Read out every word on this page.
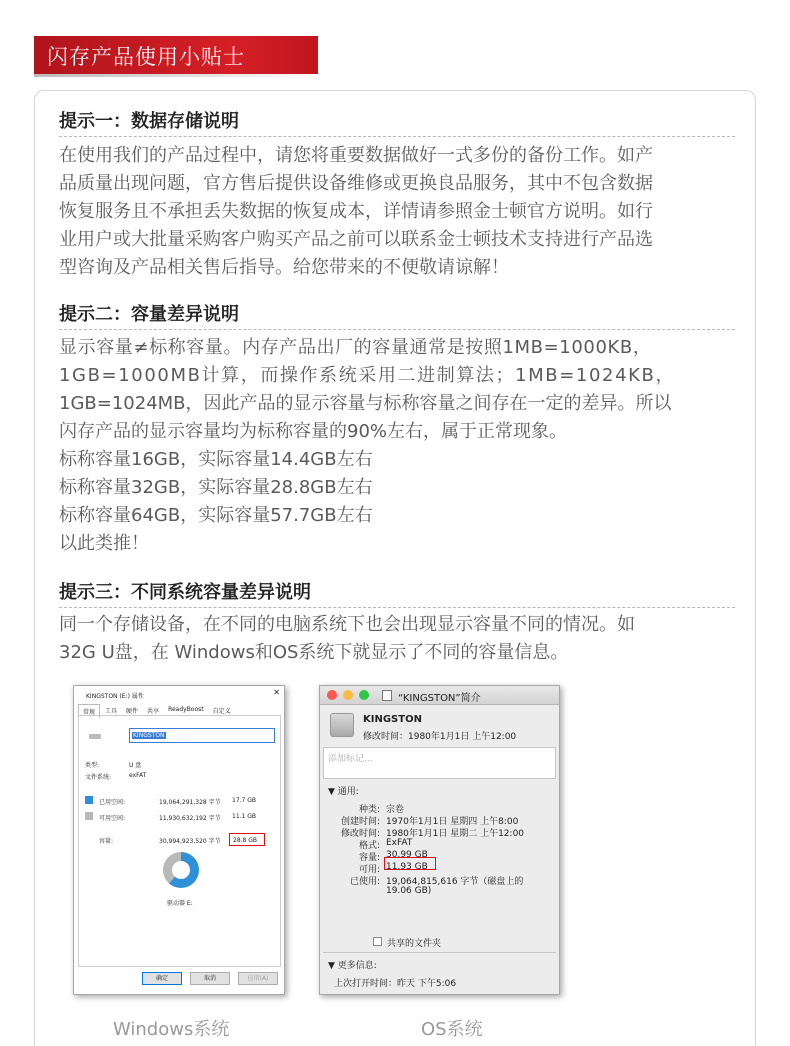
闪存产品使用小贴士
提示一：数据存储说明
在使用我们的产品过程中，请您将重要数据做好一式多份的备份工作。如产
品质量出现问题，官方售后提供设备维修或更换良品服务，其中不包含数据
恢复服务且不承担丢失数据的恢复成本，详情请参照金士顿官方说明。如行
业用户或大批量采购客户购买产品之前可以联系金士顿技术支持进行产品选
型咨询及产品相关售后指导。给您带来的不便敬请谅解！
提示二：容量差异说明
显示容量≠标称容量。内存产品出厂的容量通常是按照1MB=1000KB，
1GB=1000MB计算，而操作系统采用二进制算法；1MB=1024KB，
1GB=1024MB，因此产品的显示容量与标称容量之间存在一定的差异。所以
闪存产品的显示容量均为标称容量的90%左右，属于正常现象。
标称容量16GB，实际容量14.4GB左右
标称容量32GB，实际容量28.8GB左右
标称容量64GB，实际容量57.7GB左右
以此类推！
提示三：不同系统容量差异说明
同一个存储设备，在不同的电脑系统下也会出现显示容量不同的情况。如
32G U盘，在 Windows和OS系统下就显示了不同的容量信息。
KINGSTON (E:) 属性	✕
常规	工具	硬件	共享	ReadyBoost	自定义
KINGSTON
类型:	U 盘
文件系统:	exFAT
已用空间:	19,064,291,328 字节 17.7 GB
可用空间:	11,930,632,192 字节 11.1 GB
容量:	30,994,923,520 字节	28.8 GB
驱动器 E:
确定	取消	应用(A)
“KINGSTON”简介
KINGSTON
修改时间：1980年1月1日 上午12:00
添加标记...
▼ 通用:
种类: 宗卷
创建时间: 1970年1月1日 星期四 上午8:00
修改时间: 1980年1月1日 星期二 上午12:00
格式: ExFAT
容量: 30.99 GB
可用: 11.93 GB
已使用: 19,064,815,616 字节（磁盘上的
19.06 GB)
共享的文件夹
▼ 更多信息:
上次打开时间：昨天 下午5:06
Windows系统	OS系统
